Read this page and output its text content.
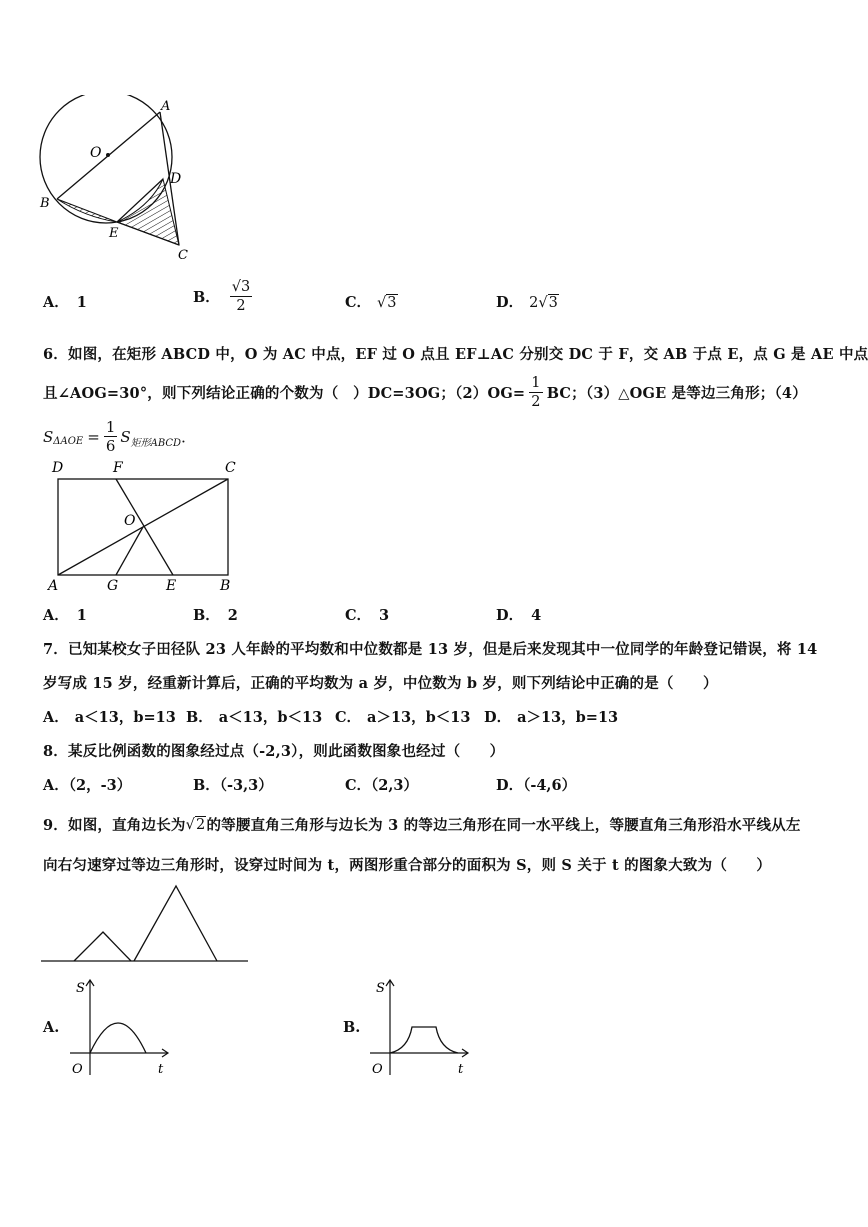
A
O
D
B
E
C
A． 1	B． $\frac{√3}{2}$	C． √3	D． 2√3
6．如图，在矩形 ABCD 中，O 为 AC 中点，EF 过 O 点且 EF⊥AC 分别交 DC 于 F，交 AB 于点 E，点 G 是 AE 中点
且∠AOG=30°，则下列结论正确的个数为（　）DC=3OG；$(2)OG= \frac{1}{2}$ BC；（3）△OGE 是等边三角形；（4）
S $\Delta AOE = \frac{1}{6}$ S 矩形ABCD ．
D	F	C
O
A	G	E	B
A． 1	B． 2	C． 3	D． 4
7．已知某校女子田径队 23 人年龄的平均数和中位数都是 13 岁，但是后来发现其中一位同学的年龄登记错误，将 14
岁写成 15 岁，经重新计算后，正确的平均数为 a 岁，中位数为 b 岁，则下列结论中正确的是（　　）
A． a＜13，b=13 B． a＜13，b＜13 C． a＞13，b＜13 D． a＞13，b=13
8．某反比例函数的图象经过点（-2,3），则此函数图象也经过（　　）
A．（2，-3）	B．（-3,3）	C．（2,3）	D．（-4,6）
9．如图，直角边长为 √ 2 的等腰直角三角形与边长为 3 的等边三角形在同一水平线上，等腰直角三角形沿水平线从左
向右匀速穿过等边三角形时，设穿过时间为 t，两图形重合部分的面积为 S，则 S 关于 t 的图象大致为（　　）
A.
S
O	t
B.
S
O	t
